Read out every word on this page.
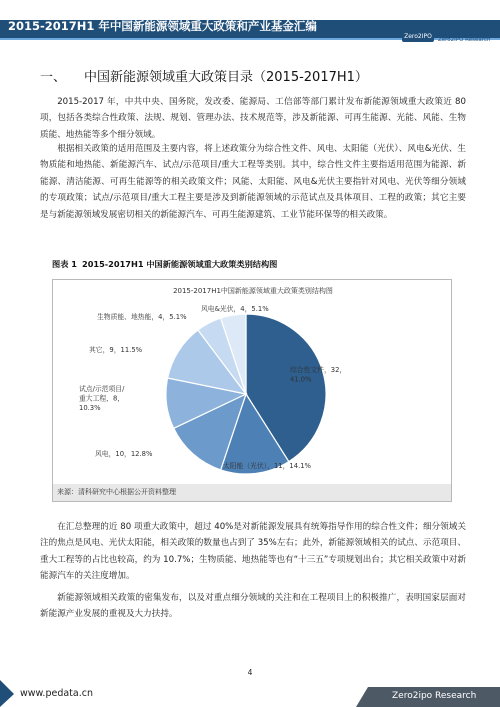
2015-2017H1 年中国新能源领域重大政策和产业基金汇编
Zero2IPO 清科研究中心
Zero2IPO Research
一、 中国新能源领域重大政策目录（2015-2017H1）

2015-2017 年，中共中央、国务院，发改委、能源局、工信部等部门累计发布新能源领域重大政策近 80 项，包括各类综合性政策、法规、规划、管理办法、技术规范等，涉及新能源、可再生能源、光能、风能、生物质能、地热能等多个细分领域。

根据相关政策的适用范围及主要内容，将上述政策分为综合性文件、风电、太阳能（光伏）、风电&光伏、生物质能和地热能、新能源汽车、试点/示范项目/重大工程等类别。其中，综合性文件主要指适用范围为能源、新能源、清洁能源、可再生能源等的相关政策文件；风能、太阳能、风电&光伏主要指针对风电、光伏等细分领域的专项政策；试点/示范项目/重大工程主要是涉及到新能源领域的示范试点及具体项目、工程的政策；其它主要是与新能源领域发展密切相关的新能源汽车、可再生能源建筑、工业节能环保等的相关政策。

图表 1 2015-2017H1 中国新能源领域重大政策类别结构图
2015-2017H1中国新能源领域重大政策类别结构图
综合性文件，32， 41.0%
太阳能（光伏），11，14.1%
风电，10，12.8%
试点/示范项目/重大工程，8， 10.3%
其它，9，11.5%
生物质能、地热能，4，5.1%
风电&光伏，4，5.1%
来源：清科研究中心根据公开资料整理

在汇总整理的近 80 项重大政策中，超过 40%是对新能源发展具有统筹指导作用的综合性文件；细分领域关注的焦点是风电、光伏太阳能，相关政策的数量也占到了 35%左右；此外，新能源领域相关的试点、示范项目、重大工程等的占比也较高，约为 10.7%；生物质能、地热能等也有“十三五”专项规划出台；其它相关政策中对新能源汽车的关注度增加。

新能源领域相关政策的密集发布，以及对重点细分领域的关注和在工程项目上的积极推广，表明国家层面对新能源产业发展的重视及大力扶持。

4
www.pedata.cn	Zero2ipo Research
